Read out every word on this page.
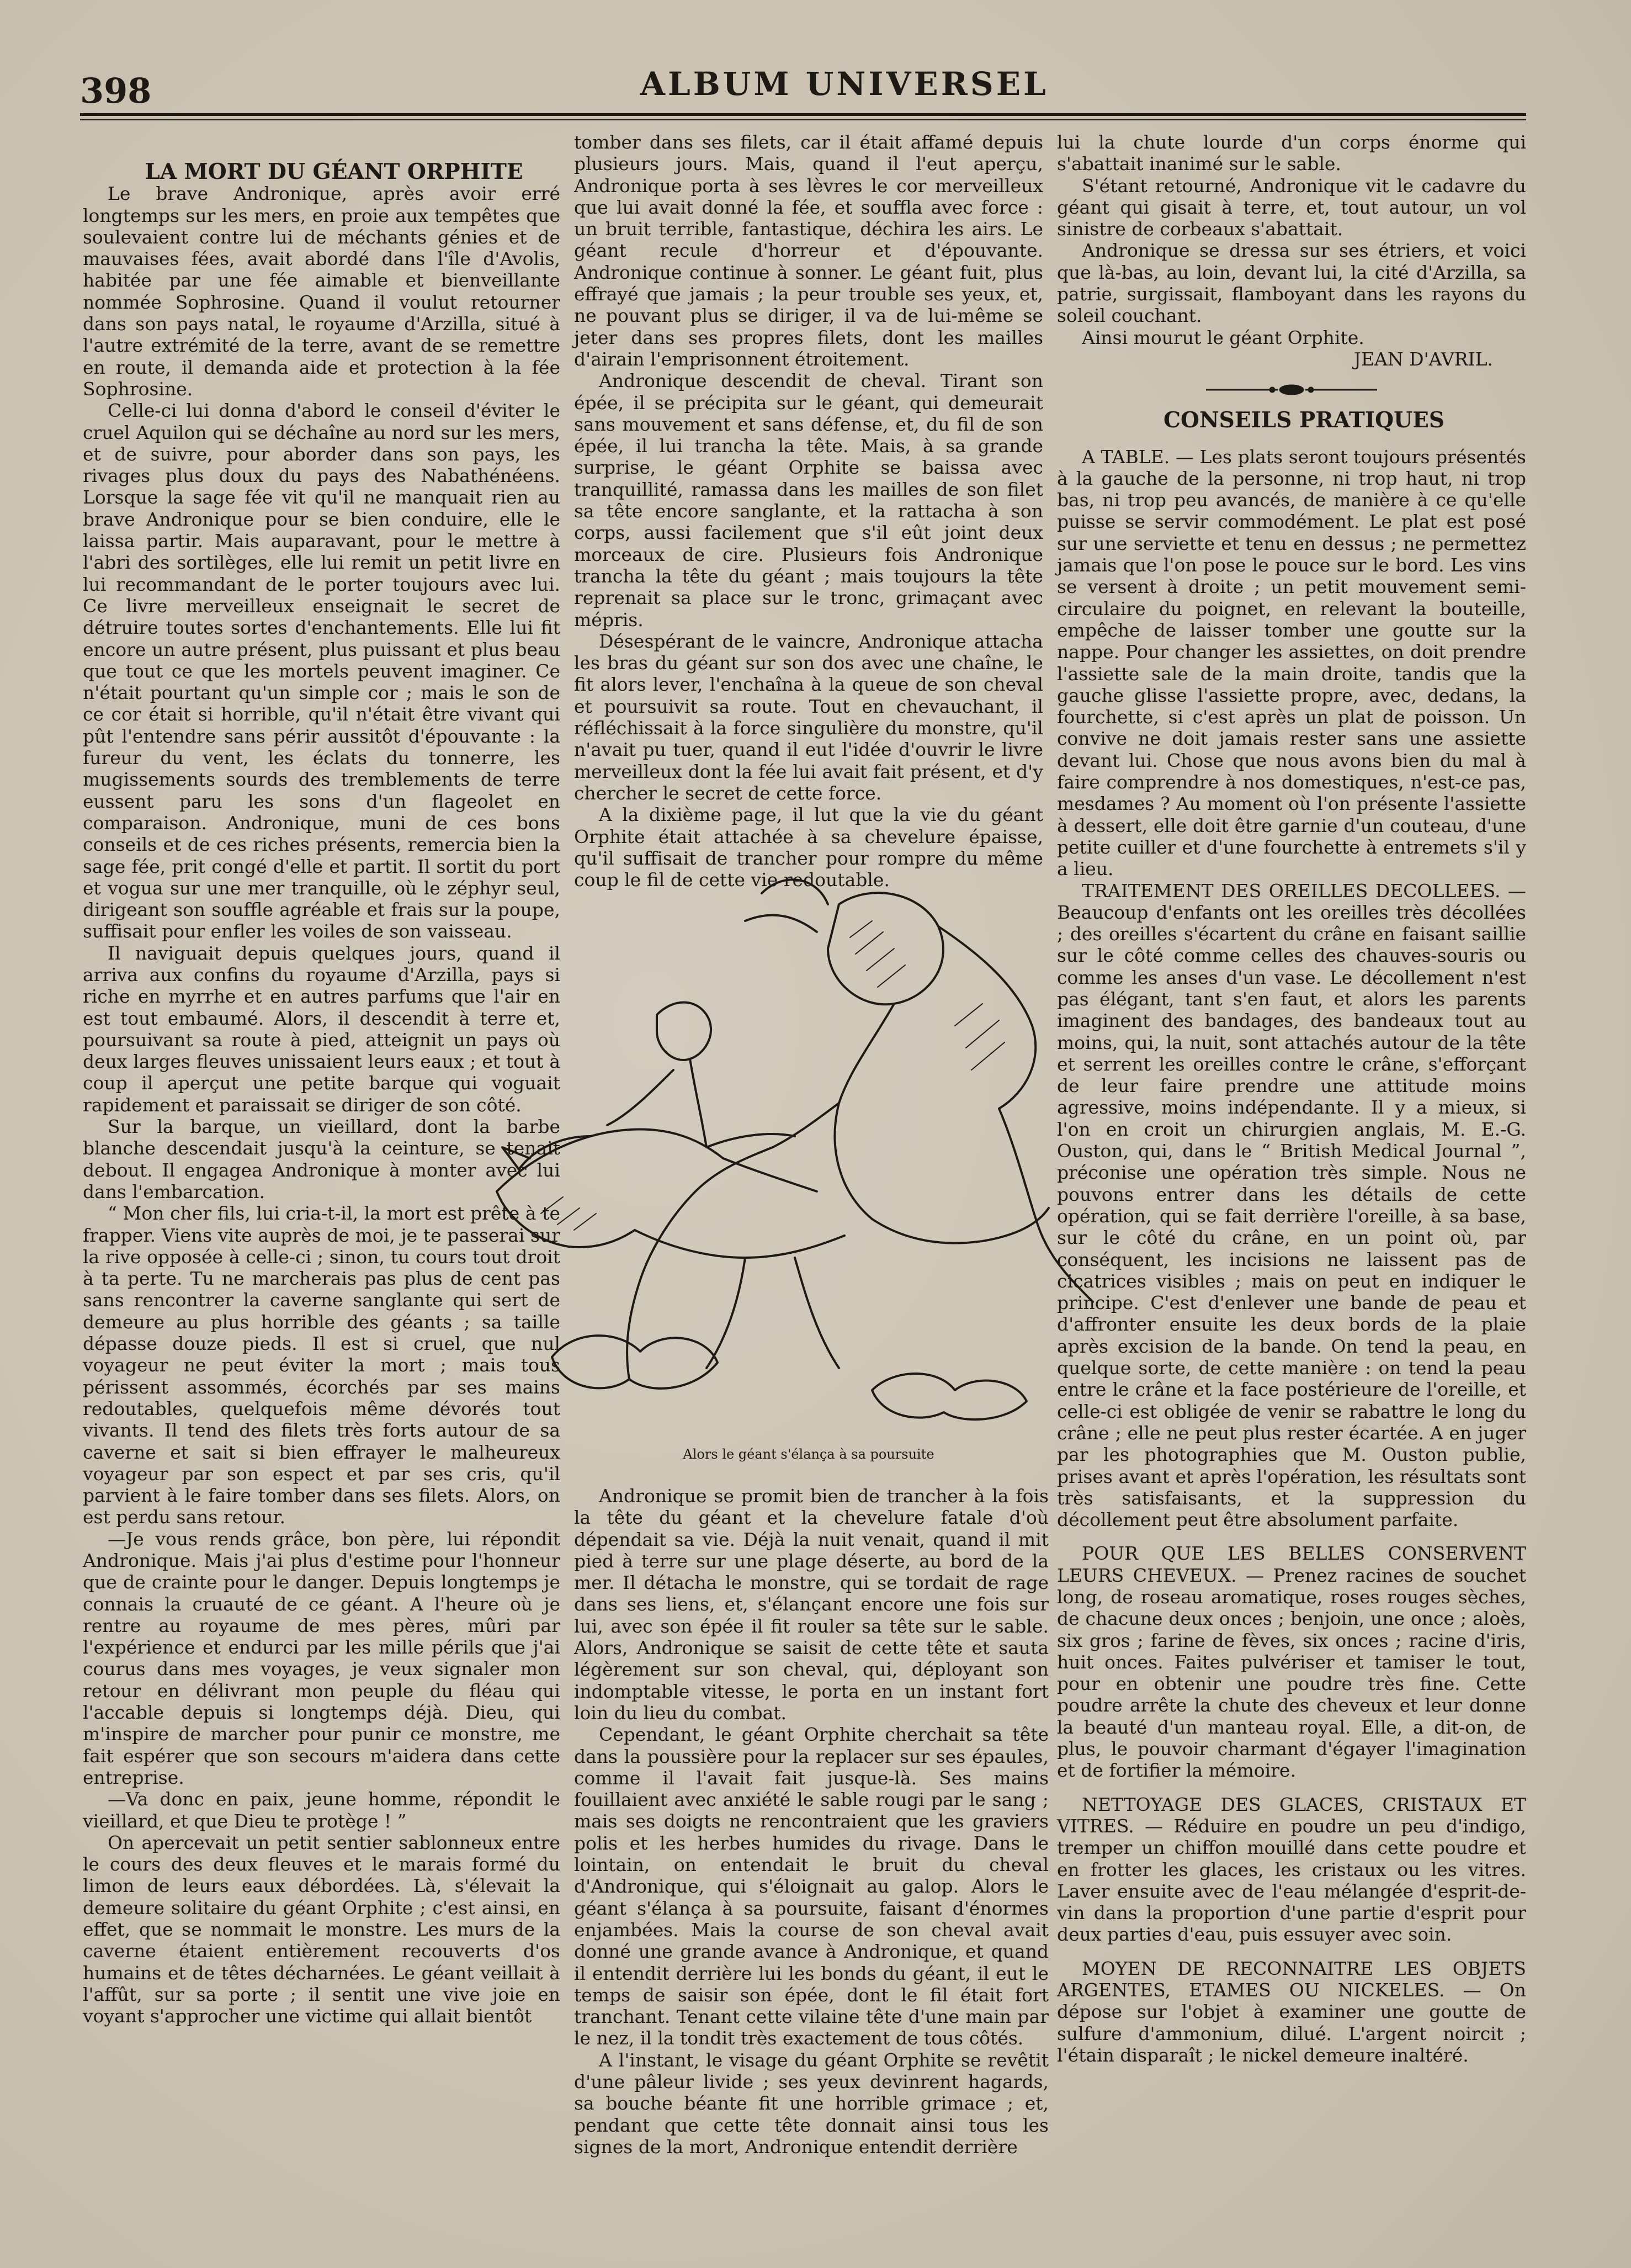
398	ALBUM UNIVERSEL

LA MORT DU GÉANT ORPHITE

Le brave Andronique, après avoir erré longtemps sur les mers, en proie aux tempêtes que soulevaient contre lui de méchants génies et de mauvaises fées, avait abordé dans l'île d'Avolis, habitée par une fée aimable et bienveillante nommée Sophrosine. Quand il voulut retourner dans son pays natal, le royaume d'Arzilla, situé à l'autre extrémité de la terre, avant de se remettre en route, il demanda aide et protection à la fée Sophrosine.

Celle-ci lui donna d'abord le conseil d'éviter le cruel Aquilon qui se déchaîne au nord sur les mers, et de suivre, pour aborder dans son pays, les rivages plus doux du pays des Nabathénéens. Lorsque la sage fée vit qu'il ne manquait rien au brave Andronique pour se bien conduire, elle le laissa partir. Mais auparavant, pour le mettre à l'abri des sortilèges, elle lui remit un petit livre en lui recommandant de le porter toujours avec lui. Ce livre merveilleux enseignait le secret de détruire toutes sortes d'enchantements. Elle lui fit encore un autre présent, plus puissant et plus beau que tout ce que les mortels peuvent imaginer. Ce n'était pourtant qu'un simple cor ; mais le son de ce cor était si horrible, qu'il n'était être vivant qui pût l'entendre sans périr aussitôt d'épouvante : la fureur du vent, les éclats du tonnerre, les mugissements sourds des tremblements de terre eussent paru les sons d'un flageolet en comparaison. Andronique, muni de ces bons conseils et de ces riches présents, remercia bien la sage fée, prit congé d'elle et partit. Il sortit du port et vogua sur une mer tranquille, où le zéphyr seul, dirigeant son souffle agréable et frais sur la poupe, suffisait pour enfler les voiles de son vaisseau.

Il naviguait depuis quelques jours, quand il arriva aux confins du royaume d'Arzilla, pays si riche en myrrhe et en autres parfums que l'air en est tout embaumé. Alors, il descendit à terre et, poursuivant sa route à pied, atteignit un pays où deux larges fleuves unissaient leurs eaux ; et tout à coup il aperçut une petite barque qui voguait rapidement et paraissait se diriger de son côté.

Sur la barque, un vieillard, dont la barbe blanche descendait jusqu'à la ceinture, se tenait debout. Il engagea Andronique à monter avec lui dans l'embarcation.

“ Mon cher fils, lui cria-t-il, la mort est prête à te frapper. Viens vite auprès de moi, je te passerai sur la rive opposée à celle-ci ; sinon, tu cours tout droit à ta perte. Tu ne marcherais pas plus de cent pas sans rencontrer la caverne sanglante qui sert de demeure au plus horrible des géants ; sa taille dépasse douze pieds. Il est si cruel, que nul voyageur ne peut éviter la mort ; mais tous périssent assommés, écorchés par ses mains redoutables, quelquefois même dévorés tout vivants. Il tend des filets très forts autour de sa caverne et sait si bien effrayer le malheureux voyageur par son espect et par ses cris, qu'il parvient à le faire tomber dans ses filets. Alors, on est perdu sans retour.

—Je vous rends grâce, bon père, lui répondit Andronique. Mais j'ai plus d'estime pour l'honneur que de crainte pour le danger. Depuis longtemps je connais la cruauté de ce géant. A l'heure où je rentre au royaume de mes pères, mûri par l'expérience et endurci par les mille périls que j'ai courus dans mes voyages, je veux signaler mon retour en délivrant mon peuple du fléau qui l'accable depuis si longtemps déjà. Dieu, qui m'inspire de marcher pour punir ce monstre, me fait espérer que son secours m'aidera dans cette entreprise.

—Va donc en paix, jeune homme, répondit le vieillard, et que Dieu te protège ! ”

On apercevait un petit sentier sablonneux entre le cours des deux fleuves et le marais formé du limon de leurs eaux débordées. Là, s'élevait la demeure solitaire du géant Orphite ; c'est ainsi, en effet, que se nommait le monstre. Les murs de la caverne étaient entièrement recouverts d'os humains et de têtes décharnées. Le géant veillait à l'affût, sur sa porte ; il sentit une vive joie en voyant s'approcher une victime qui allait bientôt

tomber dans ses filets, car il était affamé depuis plusieurs jours. Mais, quand il l'eut aperçu, Andronique porta à ses lèvres le cor merveilleux que lui avait donné la fée, et souffla avec force : un bruit terrible, fantastique, déchira les airs. Le géant recule d'horreur et d'épouvante. Andronique continue à sonner. Le géant fuit, plus effrayé que jamais ; la peur trouble ses yeux, et, ne pouvant plus se diriger, il va de lui-même se jeter dans ses propres filets, dont les mailles d'airain l'emprisonnent étroitement.

Andronique descendit de cheval. Tirant son épée, il se précipita sur le géant, qui demeurait sans mouvement et sans défense, et, du fil de son épée, il lui trancha la tête. Mais, à sa grande surprise, le géant Orphite se baissa avec tranquillité, ramassa dans les mailles de son filet sa tête encore sanglante, et la rattacha à son corps, aussi facilement que s'il eût joint deux morceaux de cire. Plusieurs fois Andronique trancha la tête du géant ; mais toujours la tête reprenait sa place sur le tronc, grimaçant avec mépris.

Désespérant de le vaincre, Andronique attacha les bras du géant sur son dos avec une chaîne, le fit alors lever, l'enchaîna à la queue de son cheval et poursuivit sa route. Tout en chevauchant, il réfléchissait à la force singulière du monstre, qu'il n'avait pu tuer, quand il eut l'idée d'ouvrir le livre merveilleux dont la fée lui avait fait présent, et d'y chercher le secret de cette force.

A la dixième page, il lut que la vie du géant Orphite était attachée à sa chevelure épaisse, qu'il suffisait de trancher pour rompre du même coup le fil de cette vie redoutable.

Alors le géant s'élança à sa poursuite

Andronique se promit bien de trancher à la fois la tête du géant et la chevelure fatale d'où dépendait sa vie. Déjà la nuit venait, quand il mit pied à terre sur une plage déserte, au bord de la mer. Il détacha le monstre, qui se tordait de rage dans ses liens, et, s'élançant encore une fois sur lui, avec son épée il fit rouler sa tête sur le sable. Alors, Andronique se saisit de cette tête et sauta légèrement sur son cheval, qui, déployant son indomptable vitesse, le porta en un instant fort loin du lieu du combat.

Cependant, le géant Orphite cherchait sa tête dans la poussière pour la replacer sur ses épaules, comme il l'avait fait jusque-là. Ses mains fouillaient avec anxiété le sable rougi par le sang ; mais ses doigts ne rencontraient que les graviers polis et les herbes humides du rivage. Dans le lointain, on entendait le bruit du cheval d'Andronique, qui s'éloignait au galop. Alors le géant s'élança à sa poursuite, faisant d'énormes enjambées. Mais la course de son cheval avait donné une grande avance à Andronique, et quand il entendit derrière lui les bonds du géant, il eut le temps de saisir son épée, dont le fil était fort tranchant. Tenant cette vilaine tête d'une main par le nez, il la tondit très exactement de tous côtés.

A l'instant, le visage du géant Orphite se revêtit d'une pâleur livide ; ses yeux devinrent hagards, sa bouche béante fit une horrible grimace ; et, pendant que cette tête donnait ainsi tous les signes de la mort, Andronique entendit derrière

lui la chute lourde d'un corps énorme qui s'abattait inanimé sur le sable.

S'étant retourné, Andronique vit le cadavre du géant qui gisait à terre, et, tout autour, un vol sinistre de corbeaux s'abattait.

Andronique se dressa sur ses étriers, et voici que là-bas, au loin, devant lui, la cité d'Arzilla, sa patrie, surgissait, flamboyant dans les rayons du soleil couchant.

Ainsi mourut le géant Orphite.

JEAN D'AVRIL.

CONSEILS PRATIQUES

A TABLE. — Les plats seront toujours présentés à la gauche de la personne, ni trop haut, ni trop bas, ni trop peu avancés, de manière à ce qu'elle puisse se servir commodément. Le plat est posé sur une serviette et tenu en dessus ; ne permettez jamais que l'on pose le pouce sur le bord. Les vins se versent à droite ; un petit mouvement semi-circulaire du poignet, en relevant la bouteille, empêche de laisser tomber une goutte sur la nappe. Pour changer les assiettes, on doit prendre l'assiette sale de la main droite, tandis que la gauche glisse l'assiette propre, avec, dedans, la fourchette, si c'est après un plat de poisson. Un convive ne doit jamais rester sans une assiette devant lui. Chose que nous avons bien du mal à faire comprendre à nos domestiques, n'est-ce pas, mesdames ? Au moment où l'on présente l'assiette à dessert, elle doit être garnie d'un couteau, d'une petite cuiller et d'une fourchette à entremets s'il y a lieu.

TRAITEMENT DES OREILLES DECOLLEES. — Beaucoup d'enfants ont les oreilles très décollées ; des oreilles s'écartent du crâne en faisant saillie sur le côté comme celles des chauves-souris ou comme les anses d'un vase. Le décollement n'est pas élégant, tant s'en faut, et alors les parents imaginent des bandages, des bandeaux tout au moins, qui, la nuit, sont attachés autour de la tête et serrent les oreilles contre le crâne, s'efforçant de leur faire prendre une attitude moins agressive, moins indépendante. Il y a mieux, si l'on en croit un chirurgien anglais, M. E.-G. Ouston, qui, dans le “ British Medical Journal ”, préconise une opération très simple. Nous ne pouvons entrer dans les détails de cette opération, qui se fait derrière l'oreille, à sa base, sur le côté du crâne, en un point où, par conséquent, les incisions ne laissent pas de cicatrices visibles ; mais on peut en indiquer le principe. C'est d'enlever une bande de peau et d'affronter ensuite les deux bords de la plaie après excision de la bande. On tend la peau, en quelque sorte, de cette manière : on tend la peau entre le crâne et la face postérieure de l'oreille, et celle-ci est obligée de venir se rabattre le long du crâne ; elle ne peut plus rester écartée. A en juger par les photographies que M. Ouston publie, prises avant et après l'opération, les résultats sont très satisfaisants, et la suppression du décollement peut être absolument parfaite.

POUR QUE LES BELLES CONSERVENT LEURS CHEVEUX. — Prenez racines de souchet long, de roseau aromatique, roses rouges sèches, de chacune deux onces ; benjoin, une once ; aloès, six gros ; farine de fèves, six onces ; racine d'iris, huit onces. Faites pulvériser et tamiser le tout, pour en obtenir une poudre très fine. Cette poudre arrête la chute des cheveux et leur donne la beauté d'un manteau royal. Elle, a dit-on, de plus, le pouvoir charmant d'égayer l'imagination et de fortifier la mémoire.

NETTOYAGE DES GLACES, CRISTAUX ET VITRES. — Réduire en poudre un peu d'indigo, tremper un chiffon mouillé dans cette poudre et en frotter les glaces, les cristaux ou les vitres. Laver ensuite avec de l'eau mélangée d'esprit-de-vin dans la proportion d'une partie d'esprit pour deux parties d'eau, puis essuyer avec soin.

MOYEN DE RECONNAITRE LES OBJETS ARGENTES, ETAMES OU NICKELES. — On dépose sur l'objet à examiner une goutte de sulfure d'ammonium, dilué. L'argent noircit ; l'étain disparaît ; le nickel demeure inaltéré.
